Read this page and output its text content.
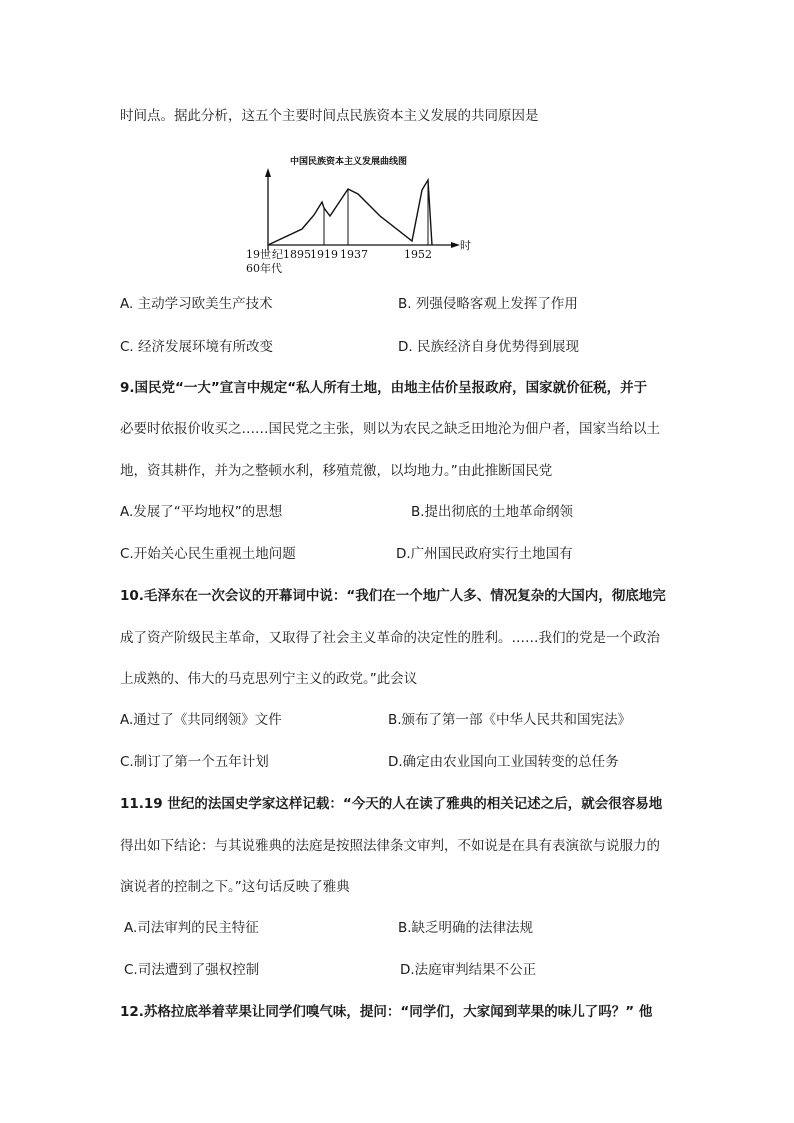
时间点。据此分析，这五个主要时间点民族资本主义发展的共同原因是
中国民族资本主义发展曲线图
时
19世 纪1895 1919 1937	1952
60年代
A. 主动学习欧美生产技术	B. 列强侵略客观上发挥了作用
C. 经济发展环境有所改变	D. 民族经济自身优势得到展现
9.国民党“一大”宣言中规定“私人所有土地，由地主估价呈报政府，国家就价征税，并于
必要时依报价收买之……国民党之主张，则以为农民之缺乏田地沦为佃户者，国家当给以土
地，资其耕作，并为之整顿水利，移殖荒徼，以均地力。”由此推断国民党
A.发展了“平均地权”的思想	B.提出彻底的土地革命纲领
C.开始关心民生重视土地问题	D.广州国民政府实行土地国有
10.毛泽东在一次会议的开幕词中说：“我们在一个地广人多、情况复杂的大国内，彻底地完
成了资产阶级民主革命，又取得了社会主义革命的决定性的胜利。……我们的党是一个政治
上成熟的、伟大的马克思列宁主义的政党。”此会议
A.通过了《共同纲领》文件	B.颁布了第一部《中华人民共和国宪法》
C.制订了第一个五年计划	D.确定由农业国向工业国转变的总任务
11.19 世纪的法国史学家这样记载：“今天的人在读了雅典的相关记述之后，就会很容易地
得出如下结论：与其说雅典的法庭是按照法律条文审判，不如说是在具有表演欲与说服力的
演说者的控制之下。”这句话反映了雅典
A.司法审判的民主特征	B.缺乏明确的法律法规
C.司法遭到了强权控制	D.法庭审判结果不公正
12.苏格拉底举着苹果让同学们嗅气味，提问：“同学们，大家闻到苹果的味儿了吗？” 他
